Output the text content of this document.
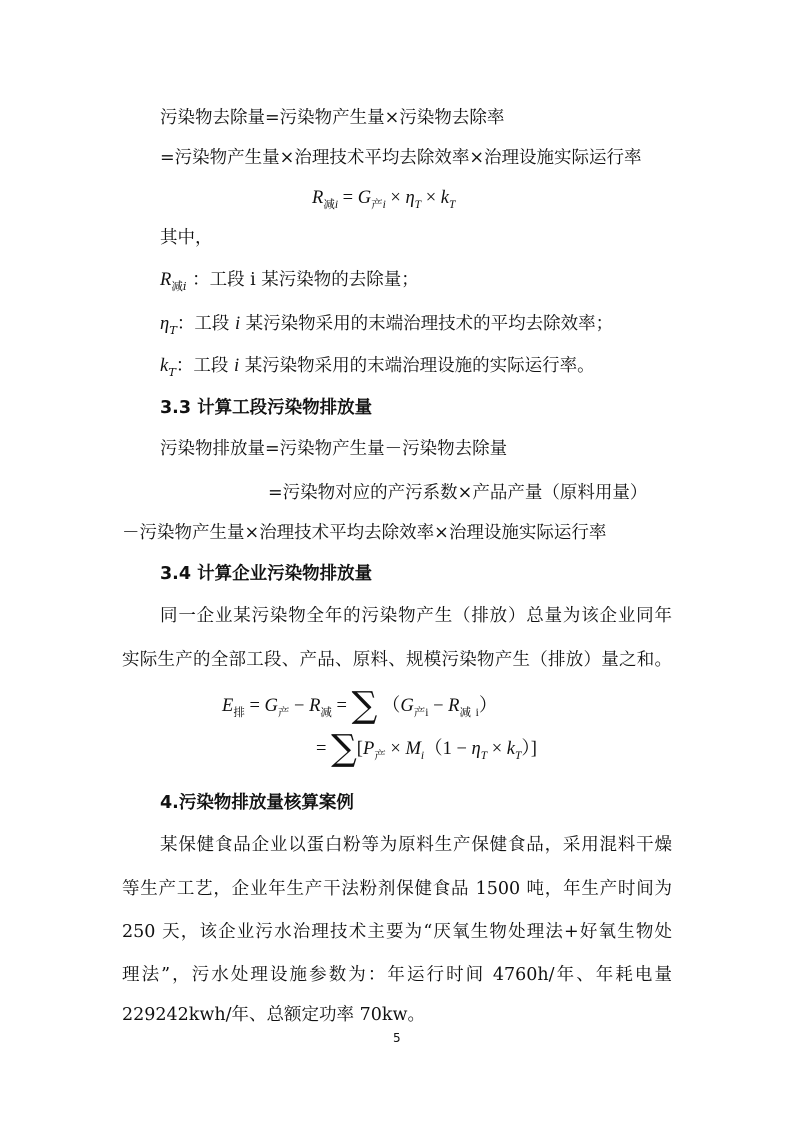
污染物去除量=污染物产生量×污染物去除率
=污染物产生量×治理技术平均去除效率×治理设施实际运行率
$R_{减i} = G_{产i} \times \eta_T \times k_T$
其中，
$R_{减i}$ ：工段 i 某污染物的去除量；
$\eta_T$：工段 i 某污染物采用的末端治理技术的平均去除效率；
$k_T$：工段 i 某污染物采用的末端治理设施的实际运行率。
3.3 计算工段污染物排放量
污染物排放量=污染物产生量－污染物去除量
=污染物对应的产污系数×产品产量（原料用量）
－污染物产生量×治理技术平均去除效率×治理设施实际运行率
3.4 计算企业污染物排放量
同一企业某污染物全年的污染物产生（排放）总量为该企业同年
实际生产的全部工段、产品、原料、规模污染物产生（排放）量之和。
$E_排 = G_产 - R_减$ = ∑ （$G_{产i} - R_减$ $_i$）
= $\sum[P_产 \times M_i(1 - \eta_T \times k_T)]$
4.污染物排放量核算案例
某保健食品企业以蛋白粉等为原料生产保健食品，采用混料干燥
等生产工艺，企业年生产干法粉剂保健食品 1500 吨，年生产时间为
250 天，该企业污水治理技术主要为“厌氧生物处理法+好氧生物处
理法”，污水处理设施参数为：年运行时间 4760h/年、年耗电量
229242kwh/年、总额定功率 70kw。
5
